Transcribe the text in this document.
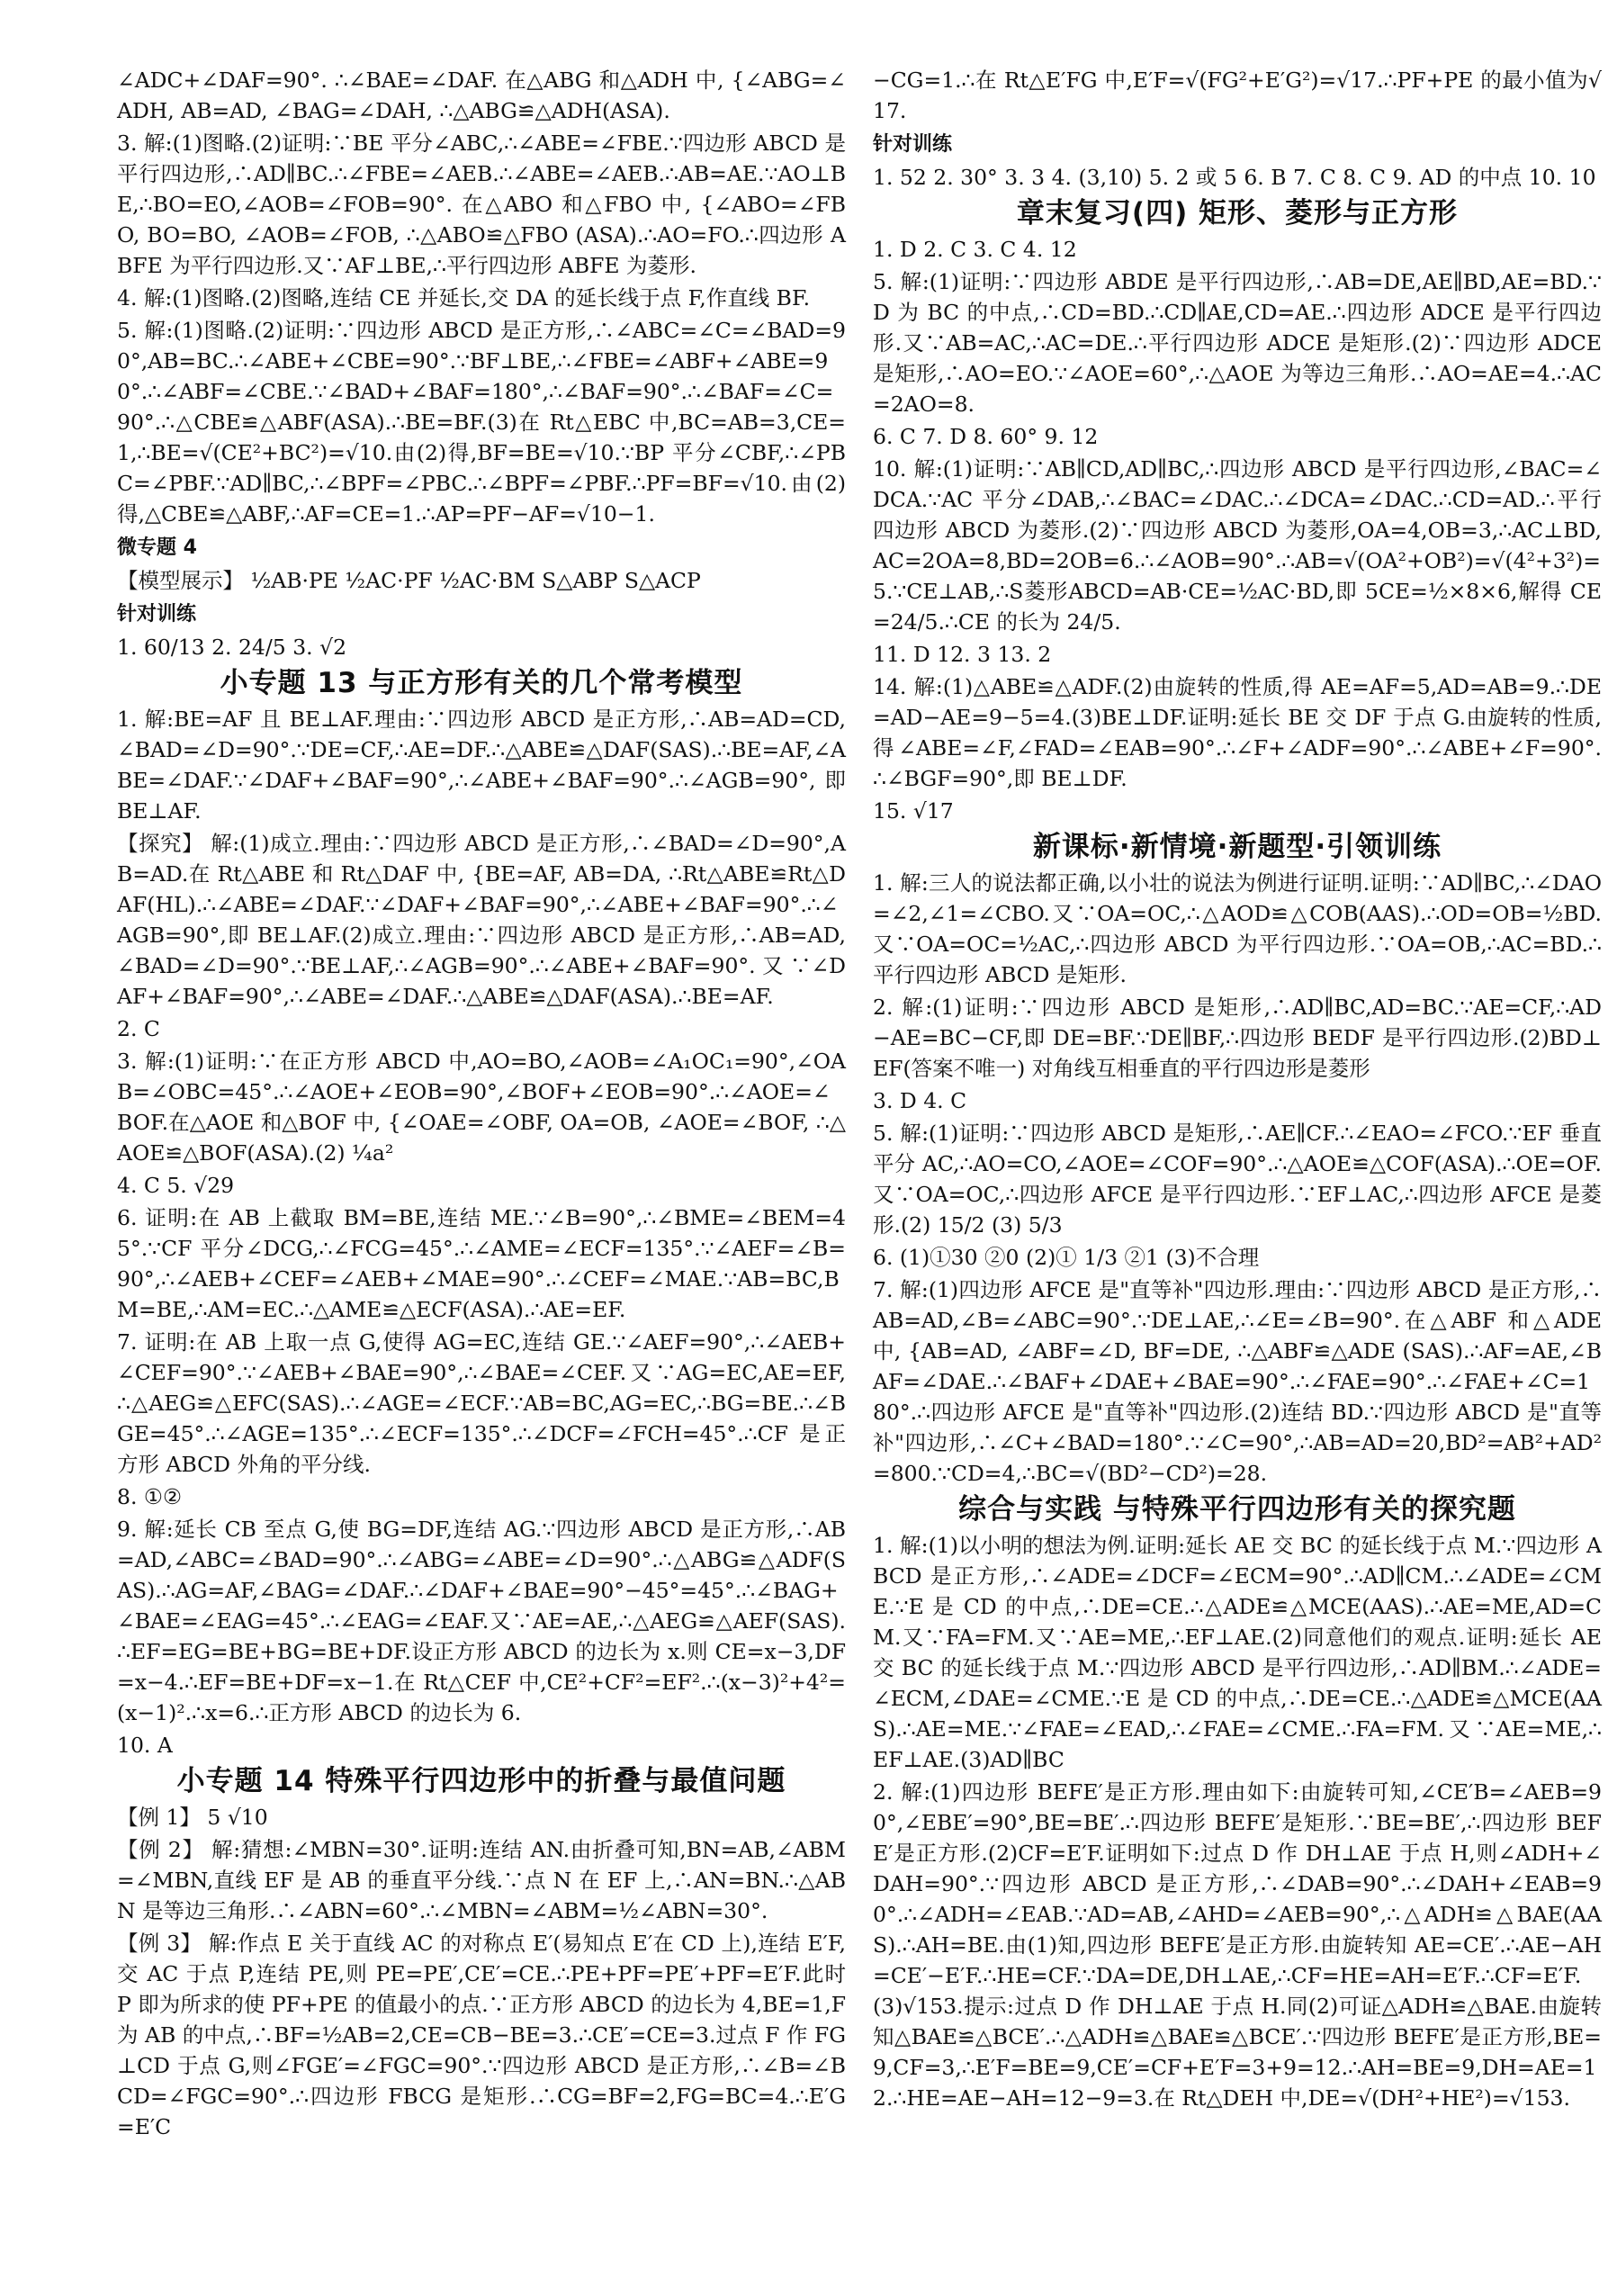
∠ADC+∠DAF=90°. ∴∠BAE=∠DAF. 在△ABG 和△ADH 中, {∠ABG=∠ADH, AB=AD, ∠BAG=∠DAH, ∴△ABG≌△ADH(ASA).

3. 解:(1)图略.(2)证明:∵BE 平分∠ABC,∴∠ABE=∠FBE.∵四边形 ABCD 是平行四边形,∴AD∥BC.∴∠FBE=∠AEB.∴∠ABE=∠AEB.∴AB=AE.∵AO⊥BE,∴BO=EO,∠AOB=∠FOB=90°. 在△ABO 和△FBO 中, {∠ABO=∠FBO, BO=BO, ∠AOB=∠FOB, ∴△ABO≌△FBO (ASA).∴AO=FO.∴四边形 ABFE 为平行四边形.又∵AF⊥BE,∴平行四边形 ABFE 为菱形.

4. 解:(1)图略.(2)图略,连结 CE 并延长,交 DA 的延长线于点 F,作直线 BF.

5. 解:(1)图略.(2)证明:∵四边形 ABCD 是正方形,∴∠ABC=∠C=∠BAD=90°,AB=BC.∴∠ABE+∠CBE=90°.∵BF⊥BE,∴∠FBE=∠ABF+∠ABE=90°.∴∠ABF=∠CBE.∵∠BAD+∠BAF=180°,∴∠BAF=90°.∴∠BAF=∠C=90°.∴△CBE≌△ABF(ASA).∴BE=BF.(3)在 Rt△EBC 中,BC=AB=3,CE=1,∴BE=√(CE²+BC²)=√10.由(2)得,BF=BE=√10.∵BP 平分∠CBF,∴∠PBC=∠PBF.∵AD∥BC,∴∠BPF=∠PBC.∴∠BPF=∠PBF.∴PF=BF=√10.由(2)得,△CBE≌△ABF,∴AF=CE=1.∴AP=PF−AF=√10−1.

微专题 4

【模型展示】 ½AB·PE ½AC·PF ½AC·BM S△ABP S△ACP

针对训练

1. 60/13 2. 24/5 3. √2

小专题 13 与正方形有关的几个常考模型

1. 解:BE=AF 且 BE⊥AF.理由:∵四边形 ABCD 是正方形,∴AB=AD=CD,∠BAD=∠D=90°.∵DE=CF,∴AE=DF.∴△ABE≌△DAF(SAS).∴BE=AF,∠ABE=∠DAF.∵∠DAF+∠BAF=90°,∴∠ABE+∠BAF=90°.∴∠AGB=90°,即 BE⊥AF.

【探究】 解:(1)成立.理由:∵四边形 ABCD 是正方形,∴∠BAD=∠D=90°,AB=AD.在 Rt△ABE 和 Rt△DAF 中, {BE=AF, AB=DA, ∴Rt△ABE≌Rt△DAF(HL).∴∠ABE=∠DAF.∵∠DAF+∠BAF=90°,∴∠ABE+∠BAF=90°.∴∠AGB=90°,即 BE⊥AF.(2)成立.理由:∵四边形 ABCD 是正方形,∴AB=AD,∠BAD=∠D=90°.∵BE⊥AF,∴∠AGB=90°.∴∠ABE+∠BAF=90°.又∵∠DAF+∠BAF=90°,∴∠ABE=∠DAF.∴△ABE≌△DAF(ASA).∴BE=AF.

2. C

3. 解:(1)证明:∵在正方形 ABCD 中,AO=BO,∠AOB=∠A₁OC₁=90°,∠OAB=∠OBC=45°.∴∠AOE+∠EOB=90°,∠BOF+∠EOB=90°.∴∠AOE=∠BOF.在△AOE 和△BOF 中, {∠OAE=∠OBF, OA=OB, ∠AOE=∠BOF, ∴△AOE≌△BOF(ASA).(2) ¼a²

4. C 5. √29

6. 证明:在 AB 上截取 BM=BE,连结 ME.∵∠B=90°,∴∠BME=∠BEM=45°.∵CF 平分∠DCG,∴∠FCG=45°.∴∠AME=∠ECF=135°.∵∠AEF=∠B=90°,∴∠AEB+∠CEF=∠AEB+∠MAE=90°.∴∠CEF=∠MAE.∵AB=BC,BM=BE,∴AM=EC.∴△AME≌△ECF(ASA).∴AE=EF.

7. 证明:在 AB 上取一点 G,使得 AG=EC,连结 GE.∵∠AEF=90°,∴∠AEB+∠CEF=90°.∵∠AEB+∠BAE=90°,∴∠BAE=∠CEF.又∵AG=EC,AE=EF,∴△AEG≌△EFC(SAS).∴∠AGE=∠ECF.∵AB=BC,AG=EC,∴BG=BE.∴∠BGE=45°.∴∠AGE=135°.∴∠ECF=135°.∴∠DCF=∠FCH=45°.∴CF 是正方形 ABCD 外角的平分线.

8. ①②

9. 解:延长 CB 至点 G,使 BG=DF,连结 AG.∵四边形 ABCD 是正方形,∴AB=AD,∠ABC=∠BAD=90°.∴∠ABG=∠ABE=∠D=90°.∴△ABG≌△ADF(SAS).∴AG=AF,∠BAG=∠DAF.∴∠DAF+∠BAE=90°−45°=45°.∴∠BAG+∠BAE=∠EAG=45°.∴∠EAG=∠EAF.又∵AE=AE,∴△AEG≌△AEF(SAS).∴EF=EG=BE+BG=BE+DF.设正方形 ABCD 的边长为 x.则 CE=x−3,DF=x−4.∴EF=BE+DF=x−1.在 Rt△CEF 中,CE²+CF²=EF².∴(x−3)²+4²=(x−1)².∴x=6.∴正方形 ABCD 的边长为 6.

10. A

小专题 14 特殊平行四边形中的折叠与最值问题

【例 1】 5 √10

【例 2】 解:猜想:∠MBN=30°.证明:连结 AN.由折叠可知,BN=AB,∠ABM=∠MBN,直线 EF 是 AB 的垂直平分线.∵点 N 在 EF 上,∴AN=BN.∴△ABN 是等边三角形.∴∠ABN=60°.∴∠MBN=∠ABM=½∠ABN=30°.

【例 3】 解:作点 E 关于直线 AC 的对称点 E′(易知点 E′在 CD 上),连结 E′F,交 AC 于点 P,连结 PE,则 PE=PE′,CE′=CE.∴PE+PF=PE′+PF=E′F.此时 P 即为所求的使 PF+PE 的值最小的点.∵正方形 ABCD 的边长为 4,BE=1,F 为 AB 的中点,∴BF=½AB=2,CE=CB−BE=3.∴CE′=CE=3.过点 F 作 FG⊥CD 于点 G,则∠FGE′=∠FGC=90°.∵四边形 ABCD 是正方形,∴∠B=∠BCD=∠FGC=90°.∴四边形 FBCG 是矩形.∴CG=BF=2,FG=BC=4.∴E′G=E′C

−CG=1.∴在 Rt△E′FG 中,E′F=√(FG²+E′G²)=√17.∴PF+PE 的最小值为√17.

针对训练

1. 52 2. 30° 3. 3 4. (3,10) 5. 2 或 5 6. B 7. C 8. C 9. AD 的中点 10. 10

章末复习(四) 矩形、菱形与正方形

1. D 2. C 3. C 4. 12

5. 解:(1)证明:∵四边形 ABDE 是平行四边形,∴AB=DE,AE∥BD,AE=BD.∵D 为 BC 的中点,∴CD=BD.∴CD∥AE,CD=AE.∴四边形 ADCE 是平行四边形.又∵AB=AC,∴AC=DE.∴平行四边形 ADCE 是矩形.(2)∵四边形 ADCE 是矩形,∴AO=EO.∵∠AOE=60°,∴△AOE 为等边三角形.∴AO=AE=4.∴AC=2AO=8.

6. C 7. D 8. 60° 9. 12

10. 解:(1)证明:∵AB∥CD,AD∥BC,∴四边形 ABCD 是平行四边形,∠BAC=∠DCA.∵AC 平分∠DAB,∴∠BAC=∠DAC.∴∠DCA=∠DAC.∴CD=AD.∴平行四边形 ABCD 为菱形.(2)∵四边形 ABCD 为菱形,OA=4,OB=3,∴AC⊥BD,AC=2OA=8,BD=2OB=6.∴∠AOB=90°.∴AB=√(OA²+OB²)=√(4²+3²)=5.∵CE⊥AB,∴S菱形ABCD=AB·CE=½AC·BD,即 5CE=½×8×6,解得 CE=24/5.∴CE 的长为 24/5.

11. D 12. 3 13. 2

14. 解:(1)△ABE≌△ADF.(2)由旋转的性质,得 AE=AF=5,AD=AB=9.∴DE=AD−AE=9−5=4.(3)BE⊥DF.证明:延长 BE 交 DF 于点 G.由旋转的性质,得∠ABE=∠F,∠FAD=∠EAB=90°.∴∠F+∠ADF=90°.∴∠ABE+∠F=90°.∴∠BGF=90°,即 BE⊥DF.

15. √17

新课标·新情境·新题型·引领训练

1. 解:三人的说法都正确,以小壮的说法为例进行证明.证明:∵AD∥BC,∴∠DAO=∠2,∠1=∠CBO.又∵OA=OC,∴△AOD≌△COB(AAS).∴OD=OB=½BD.又∵OA=OC=½AC,∴四边形 ABCD 为平行四边形.∵OA=OB,∴AC=BD.∴平行四边形 ABCD 是矩形.

2. 解:(1)证明:∵四边形 ABCD 是矩形,∴AD∥BC,AD=BC.∵AE=CF,∴AD−AE=BC−CF,即 DE=BF.∵DE∥BF,∴四边形 BEDF 是平行四边形.(2)BD⊥EF(答案不唯一) 对角线互相垂直的平行四边形是菱形

3. D 4. C

5. 解:(1)证明:∵四边形 ABCD 是矩形,∴AE∥CF.∴∠EAO=∠FCO.∵EF 垂直平分 AC,∴AO=CO,∠AOE=∠COF=90°.∴△AOE≌△COF(ASA).∴OE=OF.又∵OA=OC,∴四边形 AFCE 是平行四边形.∵EF⊥AC,∴四边形 AFCE 是菱形.(2) 15/2 (3) 5/3

6. (1)①30 ②0 (2)① 1/3 ②1 (3)不合理

7. 解:(1)四边形 AFCE 是"直等补"四边形.理由:∵四边形 ABCD 是正方形,∴AB=AD,∠B=∠ABC=90°.∵DE⊥AE,∴∠E=∠B=90°.在△ABF 和△ADE 中, {AB=AD, ∠ABF=∠D, BF=DE, ∴△ABF≌△ADE (SAS).∴AF=AE,∠BAF=∠DAE.∴∠BAF+∠DAE+∠BAE=90°.∴∠FAE=90°.∴∠FAE+∠C=180°.∴四边形 AFCE 是"直等补"四边形.(2)连结 BD.∵四边形 ABCD 是"直等补"四边形,∴∠C+∠BAD=180°.∵∠C=90°,∴AB=AD=20,BD²=AB²+AD²=800.∵CD=4,∴BC=√(BD²−CD²)=28.

综合与实践 与特殊平行四边形有关的探究题

1. 解:(1)以小明的想法为例.证明:延长 AE 交 BC 的延长线于点 M.∵四边形 ABCD 是正方形,∴∠ADE=∠DCF=∠ECM=90°.∴AD∥CM.∴∠ADE=∠CME.∵E 是 CD 的中点,∴DE=CE.∴△ADE≌△MCE(AAS).∴AE=ME,AD=CM.又∵FA=FM.又∵AE=ME,∴EF⊥AE.(2)同意他们的观点.证明:延长 AE 交 BC 的延长线于点 M.∵四边形 ABCD 是平行四边形,∴AD∥BM.∴∠ADE=∠ECM,∠DAE=∠CME.∵E 是 CD 的中点,∴DE=CE.∴△ADE≌△MCE(AAS).∴AE=ME.∵∠FAE=∠EAD,∴∠FAE=∠CME.∴FA=FM.又∵AE=ME,∴EF⊥AE.(3)AD∥BC

2. 解:(1)四边形 BEFE′是正方形.理由如下:由旋转可知,∠CE′B=∠AEB=90°,∠EBE′=90°,BE=BE′.∴四边形 BEFE′是矩形.∵BE=BE′,∴四边形 BEFE′是正方形.(2)CF=E′F.证明如下:过点 D 作 DH⊥AE 于点 H,则∠ADH+∠DAH=90°.∵四边形 ABCD 是正方形,∴∠DAB=90°.∴∠DAH+∠EAB=90°.∴∠ADH=∠EAB.∵AD=AB,∠AHD=∠AEB=90°,∴△ADH≌△BAE(AAS).∴AH=BE.由(1)知,四边形 BEFE′是正方形.由旋转知 AE=CE′.∴AE−AH=CE′−E′F.∴HE=CF.∵DA=DE,DH⊥AE,∴CF=HE=AH=E′F.∴CF=E′F.(3)√153.提示:过点 D 作 DH⊥AE 于点 H.同(2)可证△ADH≌△BAE.由旋转知△BAE≌△BCE′.∴△ADH≌△BAE≌△BCE′.∵四边形 BEFE′是正方形,BE=9,CF=3,∴E′F=BE=9,CE′=CF+E′F=3+9=12.∴AH=BE=9,DH=AE=12.∴HE=AE−AH=12−9=3.在 Rt△DEH 中,DE=√(DH²+HE²)=√153.
